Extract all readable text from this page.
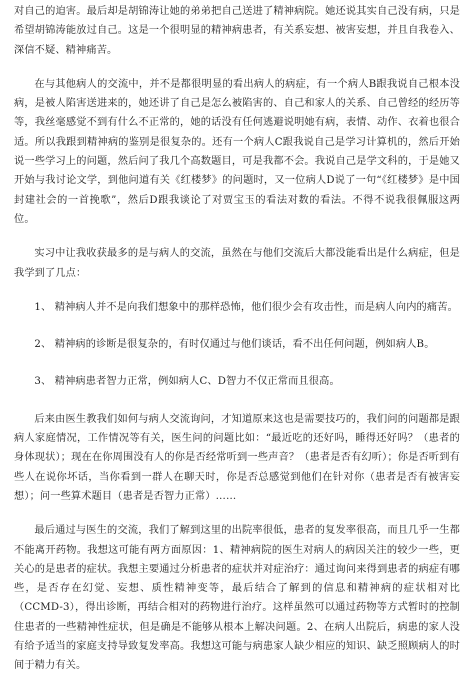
对自己的迫害。最后却是胡锦涛让她的弟弟把自己送进了精神病院。她还说其实自己没有病，只是希望胡锦涛能放过自己。这是一个很明显的精神病患者，有关系妄想、被害妄想，并且自我卷入、深信不疑、精神痛苦。

在与其他病人的交流中，并不是都很明显的看出病人的病症，有一个病人B跟我说自己根本没病，是被人陷害送进来的，她还讲了自己是怎么被陷害的、自己和家人的关系、自己曾经的经历等等，我丝毫感觉不到有什么不正常的，她的话没有任何逃避说明她有病，表情、动作、衣着也很合适。所以我跟到精神病的鉴别是很复杂的。还有一个病人C跟我说自己是学习计算机的，然后开始说一些学习上的问题，然后问了我几个高数题目，可是我都不会。我说自己是学文科的，于是她又开始与我讨论文学，到他问道有关《红楼梦》的问题时，又一位病人D说了一句“《红楼梦》是中国封建社会的一首挽歌”，然后D跟我谈论了对贾宝玉的看法对数的看法。不得不说我很佩服这两位。

实习中让我收获最多的是与病人的交流，虽然在与他们交流后大都没能看出是什么病症，但是我学到了几点：

1、 精神病人并不是向我们想象中的那样恐怖，他们很少会有攻击性，而是病人向内的痛苦。

2、 精神病的诊断是很复杂的，有时仅通过与他们谈话，看不出任何问题，例如病人B。

3、 精神病患者智力正常，例如病人C、D智力不仅正常而且很高。

后来由医生教我们如何与病人交流询问，才知道原来这也是需要技巧的，我们问的问题都是跟病人家庭情况，工作情况等有关，医生问的问题比如：“最近吃的还好吗，睡得还好吗？（患者的身体现状）；现在在你周围没有人的你是否经常听到一些声音？（患者是否有幻听）；你是否听到有些人在说你坏话，当你看到一群人在聊天时，你是否总感觉到他们在针对你（患者是否有被害妄想）；问一些算术题目（患者是否智力正常）……

最后通过与医生的交流，我们了解到这里的出院率很低，患者的复发率很高，而且几乎一生都不能离开药物。我想这可能有两方面原因：1、精神病院的医生对病人的病因关注的较少一些，更关心的是患者的症状。我想主要通过分析患者的症状并对症治疗：通过询问来得到患者的病症有哪些，是否存在幻觉、妄想、质性精神变等，最后结合了解到的信息和精神病的症状相对比（CCMD-3），得出诊断，再结合相对的药物进行治疗。这样虽然可以通过药物等方式暂时的控制住患者的一些精神性症状，但是确是不能够从根本上解决问题。2、在病人出院后，病患的家人没有给予适当的家庭支持导致复发率高。我想这可能与病患家人缺少相应的知识、缺乏照顾病人的时间于精力有关。
